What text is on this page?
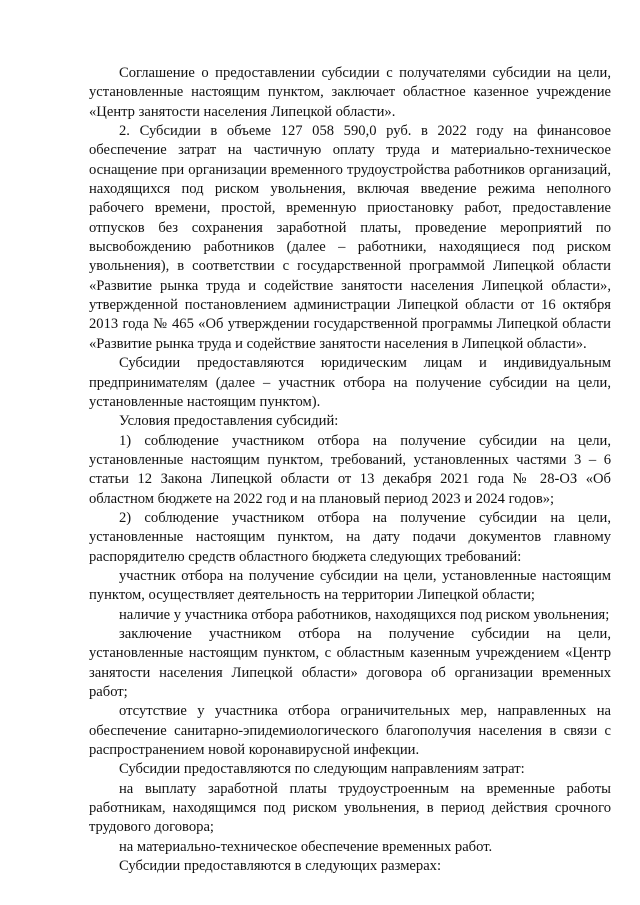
Соглашение о предоставлении субсидии с получателями субсидии на цели, установленные настоящим пунктом, заключает областное казенное учреждение «Центр занятости населения Липецкой области».

2. Субсидии в объеме 127 058 590,0 руб. в 2022 году на финансовое обеспечение затрат на частичную оплату труда и материально-техническое оснащение при организации временного трудоустройства работников организаций, находящихся под риском увольнения, включая введение режима неполного рабочего времени, простой, временную приостановку работ, предоставление отпусков без сохранения заработной платы, проведение мероприятий по высвобождению работников (далее – работники, находящиеся под риском увольнения), в соответствии с государственной программой Липецкой области «Развитие рынка труда и содействие занятости населения Липецкой области», утвержденной постановлением администрации Липецкой области от 16 октября 2013 года № 465 «Об утверждении государственной программы Липецкой области «Развитие рынка труда и содействие занятости населения в Липецкой области».

Субсидии предоставляются юридическим лицам и индивидуальным предпринимателям (далее – участник отбора на получение субсидии на цели, установленные настоящим пунктом).

Условия предоставления субсидий:

1) соблюдение участником отбора на получение субсидии на цели, установленные настоящим пунктом, требований, установленных частями 3 – 6 статьи 12 Закона Липецкой области от 13 декабря 2021 года № 28-ОЗ «Об областном бюджете на 2022 год и на плановый период 2023 и 2024 годов»;

2) соблюдение участником отбора на получение субсидии на цели, установленные настоящим пунктом, на дату подачи документов главному распорядителю средств областного бюджета следующих требований:

участник отбора на получение субсидии на цели, установленные настоящим пунктом, осуществляет деятельность на территории Липецкой области;

наличие у участника отбора работников, находящихся под риском увольнения;

заключение участником отбора на получение субсидии на цели, установленные настоящим пунктом, с областным казенным учреждением «Центр занятости населения Липецкой области» договора об организации временных работ;

отсутствие у участника отбора ограничительных мер, направленных на обеспечение санитарно-эпидемиологического благополучия населения в связи с распространением новой коронавирусной инфекции.

Субсидии предоставляются по следующим направлениям затрат:

на выплату заработной платы трудоустроенным на временные работы работникам, находящимся под риском увольнения, в период действия срочного трудового договора;

на материально-техническое обеспечение временных работ.

Субсидии предоставляются в следующих размерах:
